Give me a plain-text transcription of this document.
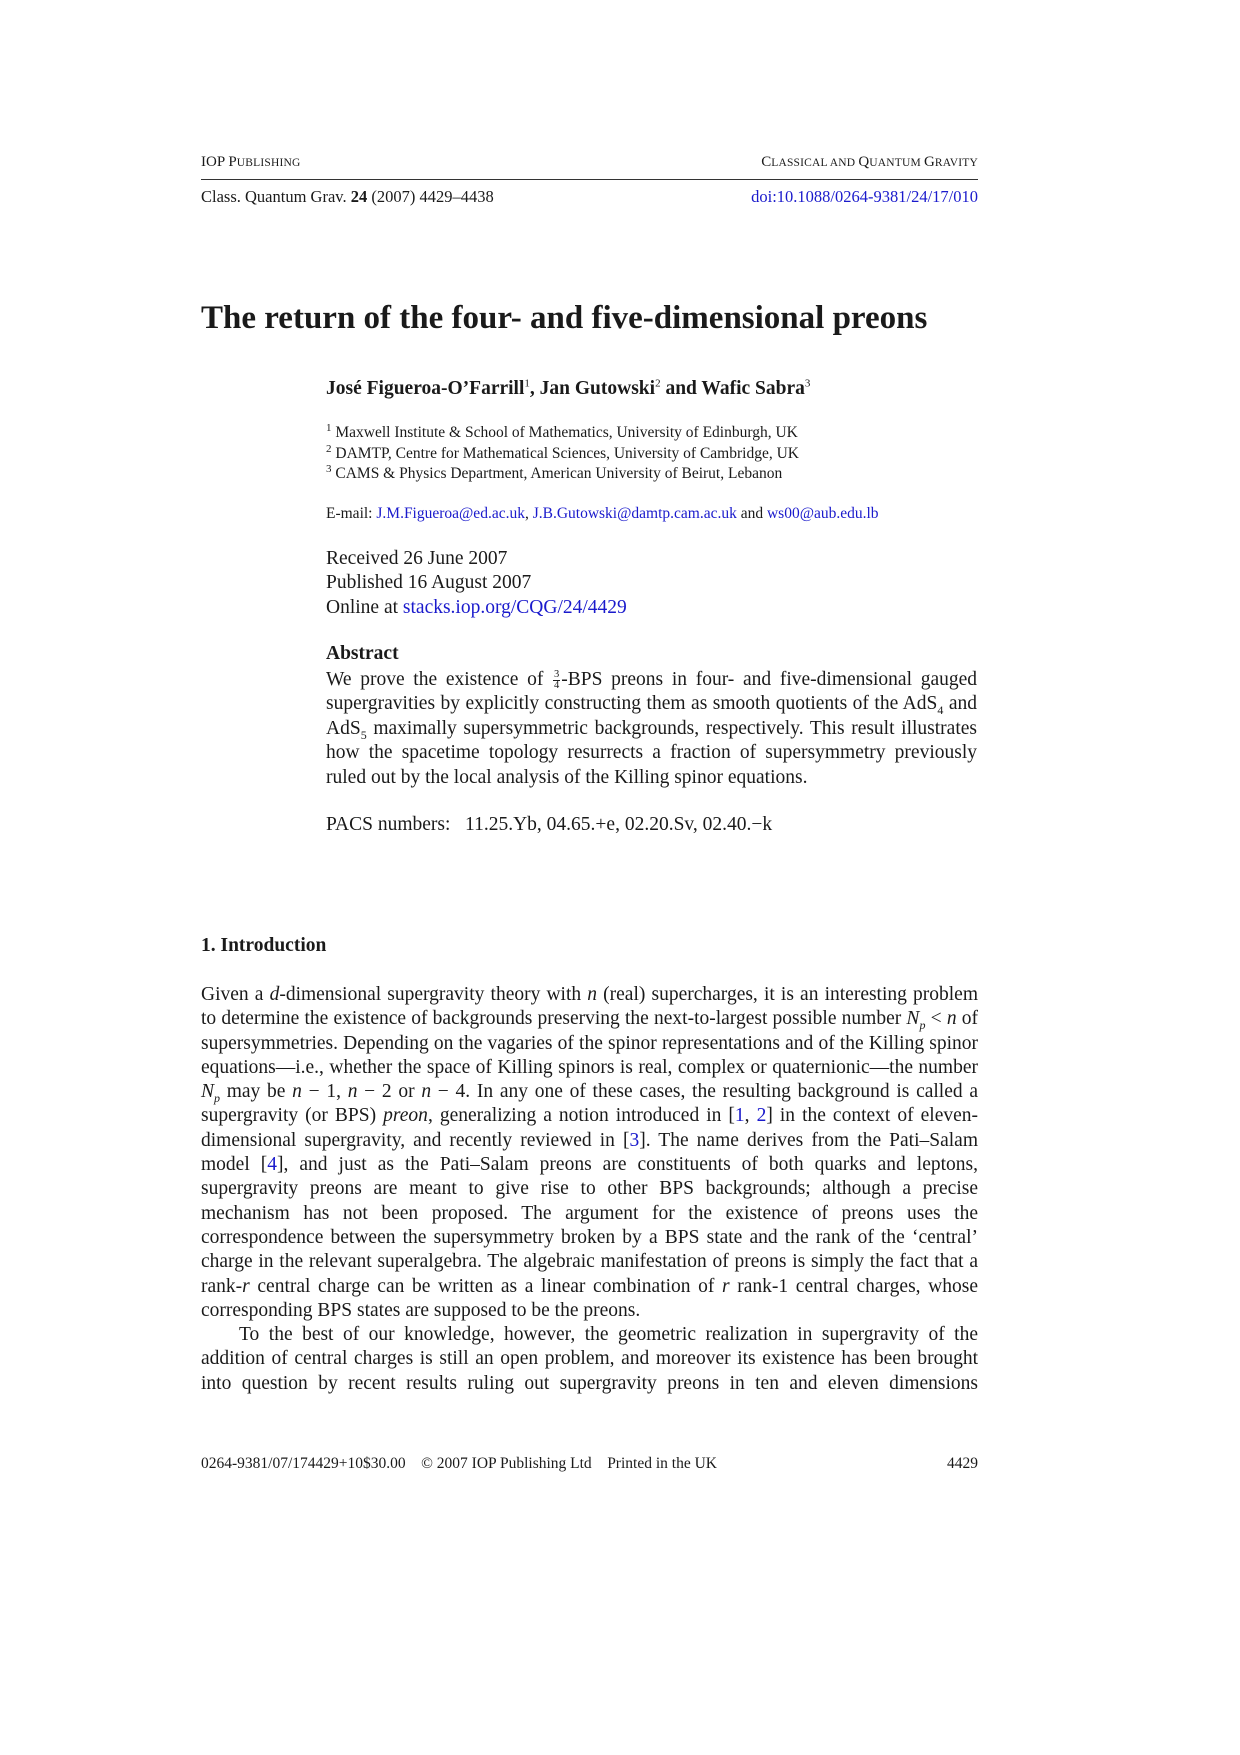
IOP PUBLISHING	CLASSICAL AND QUANTUM GRAVITY
Class. Quantum Grav. 24 (2007) 4429–4438	doi:10.1088/0264-9381/24/17/010
The return of the four- and five-dimensional preons
José Figueroa-O’Farrill$^1$, Jan Gutowski$^2$ and Wafic Sabra$^3$
$^1$ Maxwell Institute & School of Mathematics, University of Edinburgh, UK
$^2$ DAMTP, Centre for Mathematical Sciences, University of Cambridge, UK
$^3$ CAMS & Physics Department, American University of Beirut, Lebanon
E-mail: J.M.Figueroa@ed.ac.uk, J.B.Gutowski@damtp.cam.ac.uk and ws00@aub.edu.lb
Received 26 June 2007
Published 16 August 2007
Online at stacks.iop.org/CQG/24/4429
Abstract
We prove the existence of $\frac{3}{4} -BPS$ preons in four- and five-dimensional gauged supergravities by explicitly constructing them as smooth quotients of the AdS$_4$ and AdS$_5$ maximally supersymmetric backgrounds, respectively. This result illustrates how the spacetime topology resurrects a fraction of supersymmetry previously ruled out by the local analysis of the Killing spinor equations.
PACS numbers:   11.25.Yb, 04.65.+e, 02.20.Sv, 02.40.−k
1. Introduction

Given a d-dimensional supergravity theory with n (real) supercharges, it is an interesting problem to determine the existence of backgrounds preserving the next-to-largest possible number $N_p < n$ of supersymmetries. Depending on the vagaries of the spinor representations and of the Killing spinor equations—i.e., whether the space of Killing spinors is real, complex or quaternionic—the number $N_p$ may be n − 1, n − 2 or n − 4. In any one of these cases, the resulting background is called a supergravity (or BPS) preon, generalizing a notion introduced in [1, 2] in the context of eleven-dimensional supergravity, and recently reviewed in [3]. The name derives from the Pati–Salam model [4], and just as the Pati–Salam preons are constituents of both quarks and leptons, supergravity preons are meant to give rise to other BPS backgrounds; although a precise mechanism has not been proposed. The argument for the existence of preons uses the correspondence between the supersymmetry broken by a BPS state and the rank of the ‘central’ charge in the relevant superalgebra. The algebraic manifestation of preons is simply the fact that a rank-r central charge can be written as a linear combination of r rank-1 central charges, whose corresponding BPS states are supposed to be the preons.

To the best of our knowledge, however, the geometric realization in supergravity of the addition of central charges is still an open problem, and moreover its existence has been brought into question by recent results ruling out supergravity preons in ten and eleven dimensions

0264-9381/07/174429+10$30.00 © 2007 IOP Publishing Ltd Printed in the UK	4429
